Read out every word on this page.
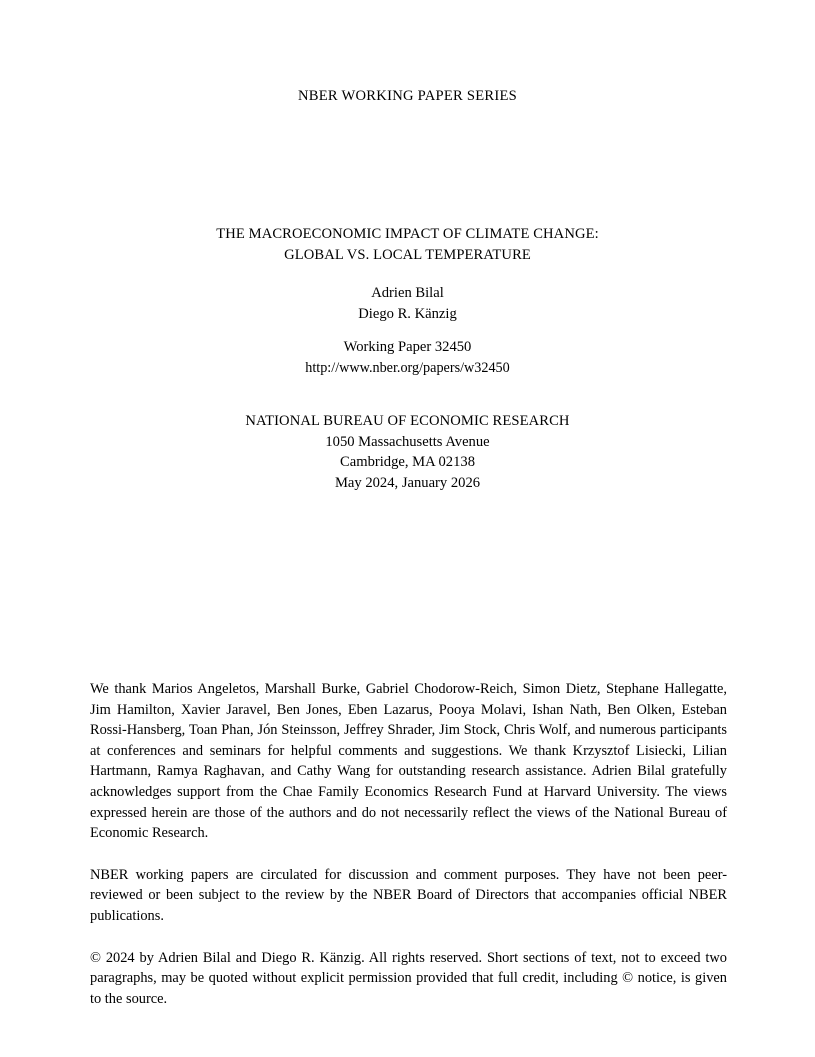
NBER WORKING PAPER SERIES
THE MACROECONOMIC IMPACT OF CLIMATE CHANGE:
GLOBAL VS. LOCAL TEMPERATURE
Adrien Bilal
Diego R. Känzig
Working Paper 32450
http://www.nber.org/papers/w32450
NATIONAL BUREAU OF ECONOMIC RESEARCH
1050 Massachusetts Avenue
Cambridge, MA 02138
May 2024, January 2026

We thank Marios Angeletos, Marshall Burke, Gabriel Chodorow-Reich, Simon Dietz, Stephane Hallegatte, Jim Hamilton, Xavier Jaravel, Ben Jones, Eben Lazarus, Pooya Molavi, Ishan Nath, Ben Olken, Esteban Rossi-Hansberg, Toan Phan, Jón Steinsson, Jeffrey Shrader, Jim Stock, Chris Wolf, and numerous participants at conferences and seminars for helpful comments and suggestions. We thank Krzysztof Lisiecki, Lilian Hartmann, Ramya Raghavan, and Cathy Wang for outstanding research assistance. Adrien Bilal gratefully acknowledges support from the Chae Family Economics Research Fund at Harvard University. The views expressed herein are those of the authors and do not necessarily reflect the views of the National Bureau of Economic Research.

NBER working papers are circulated for discussion and comment purposes. They have not been peer-reviewed or been subject to the review by the NBER Board of Directors that accompanies official NBER publications.

© 2024 by Adrien Bilal and Diego R. Känzig. All rights reserved. Short sections of text, not to exceed two paragraphs, may be quoted without explicit permission provided that full credit, including © notice, is given to the source.
